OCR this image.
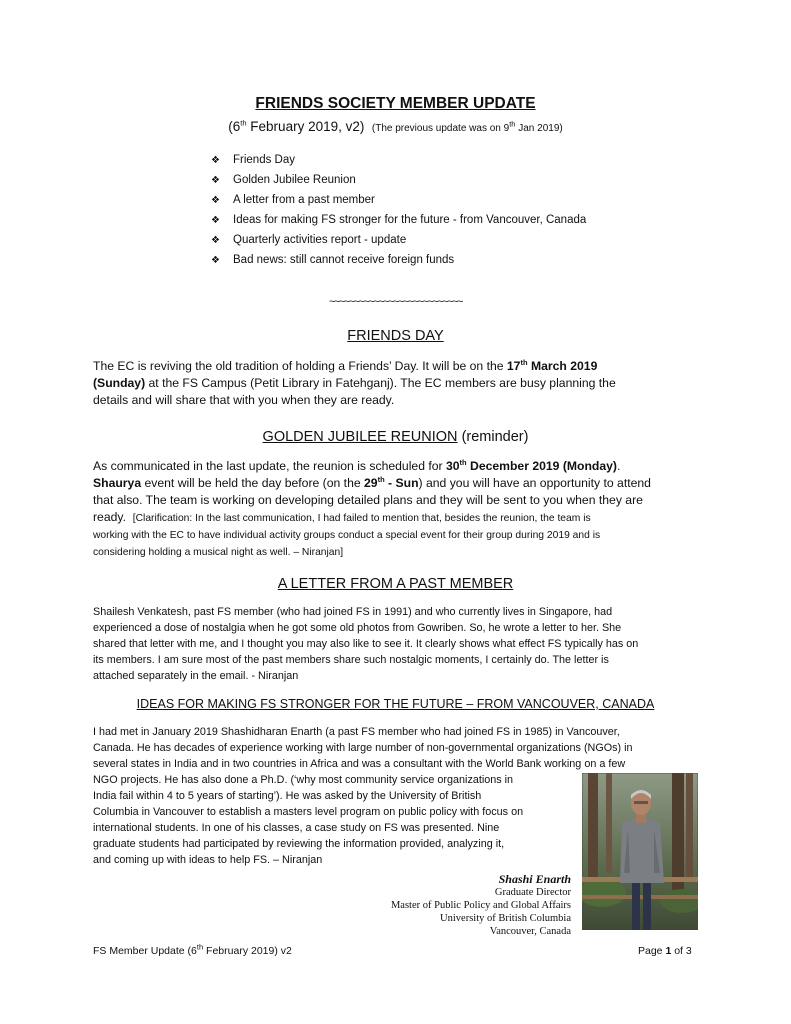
FRIENDS SOCIETY MEMBER UPDATE
(6th February 2019, v2) (The previous update was on 9th Jan 2019)
❖ Friends Day
❖ Golden Jubilee Reunion
❖ A letter from a past member
❖ Ideas for making FS stronger for the future - from Vancouver, Canada
❖ Quarterly activities report - update
❖ Bad news: still cannot receive foreign funds
~~~~~~~~~~~~~~~~~~~~~~~~~~~
FRIENDS DAY
The EC is reviving the old tradition of holding a Friends’ Day. It will be on the 17th March 2019
(Sunday) at the FS Campus (Petit Library in Fatehganj). The EC members are busy planning the
details and will share that with you when they are ready.
GOLDEN JUBILEE REUNION (reminder)
As communicated in the last update, the reunion is scheduled for 30th December 2019 (Monday).
Shaurya event will be held the day before (on the 29th - Sun) and you will have an opportunity to attend
that also. The team is working on developing detailed plans and they will be sent to you when they are
ready. [Clarification: In the last communication, I had failed to mention that, besides the reunion, the team is
working with the EC to have individual activity groups conduct a special event for their group during 2019 and is
considering holding a musical night as well. – Niranjan]
A LETTER FROM A PAST MEMBER
Shailesh Venkatesh, past FS member (who had joined FS in 1991) and who currently lives in Singapore, had
experienced a dose of nostalgia when he got some old photos from Gowriben. So, he wrote a letter to her. She
shared that letter with me, and I thought you may also like to see it. It clearly shows what effect FS typically has on
its members. I am sure most of the past members share such nostalgic moments, I certainly do. The letter is
attached separately in the email. - Niranjan
IDEAS FOR MAKING FS STRONGER FOR THE FUTURE – FROM VANCOUVER, CANADA
I had met in January 2019 Shashidharan Enarth (a past FS member who had joined FS in 1985) in Vancouver,
Canada. He has decades of experience working with large number of non-governmental organizations (NGOs) in
several states in India and in two countries in Africa and was a consultant with the World Bank working on a few
NGO projects. He has also done a Ph.D. (‘why most community service organizations in
India fail within 4 to 5 years of starting’). He was asked by the University of British
Columbia in Vancouver to establish a masters level program on public policy with focus on
international students. In one of his classes, a case study on FS was presented. Nine
graduate students had participated by reviewing the information provided, analyzing it,
and coming up with ideas to help FS. – Niranjan
Shashi Enarth
Graduate Director
Master of Public Policy and Global Affairs
University of British Columbia
Vancouver, Canada
FS Member Update (6th February 2019) v2	Page 1 of 3
